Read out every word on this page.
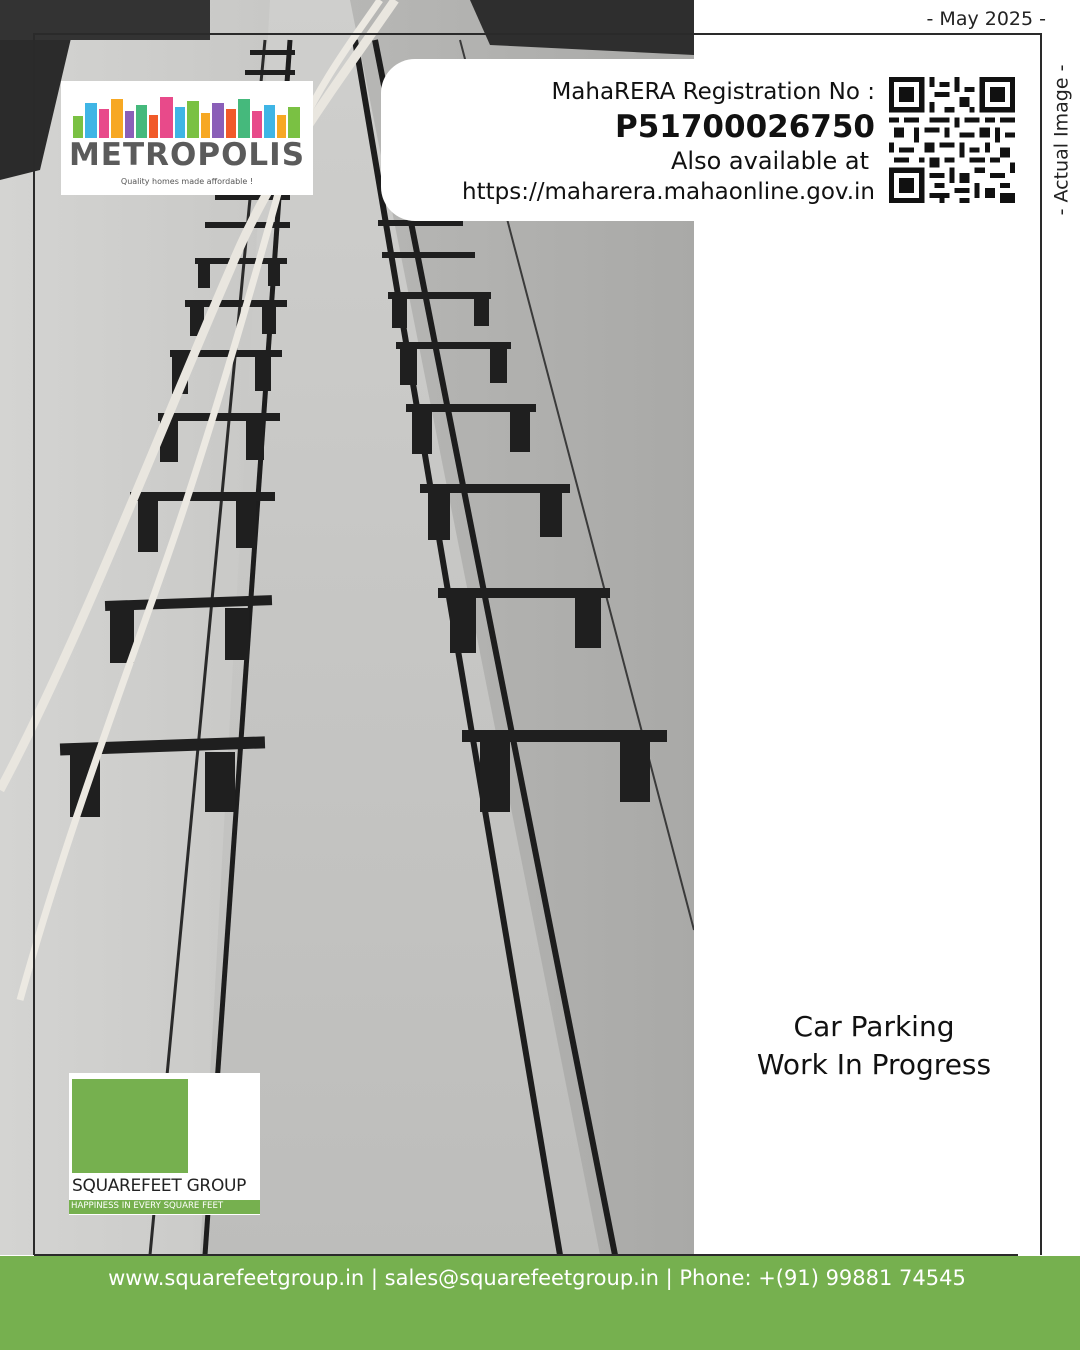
- May 2025 -
- Actual Image -
METROPOLIS
Quality homes made affordable !
MahaRERA Registration No :
P51700026750
Also available at
https://maharera.mahaonline.gov.in
Car Parking
Work In Progress
SQUAREFEET GROUP
HAPPINESS IN EVERY SQUARE FEET
www.squarefeetgroup.in | sales@squarefeetgroup.in | Phone: +(91) 99881 74545
